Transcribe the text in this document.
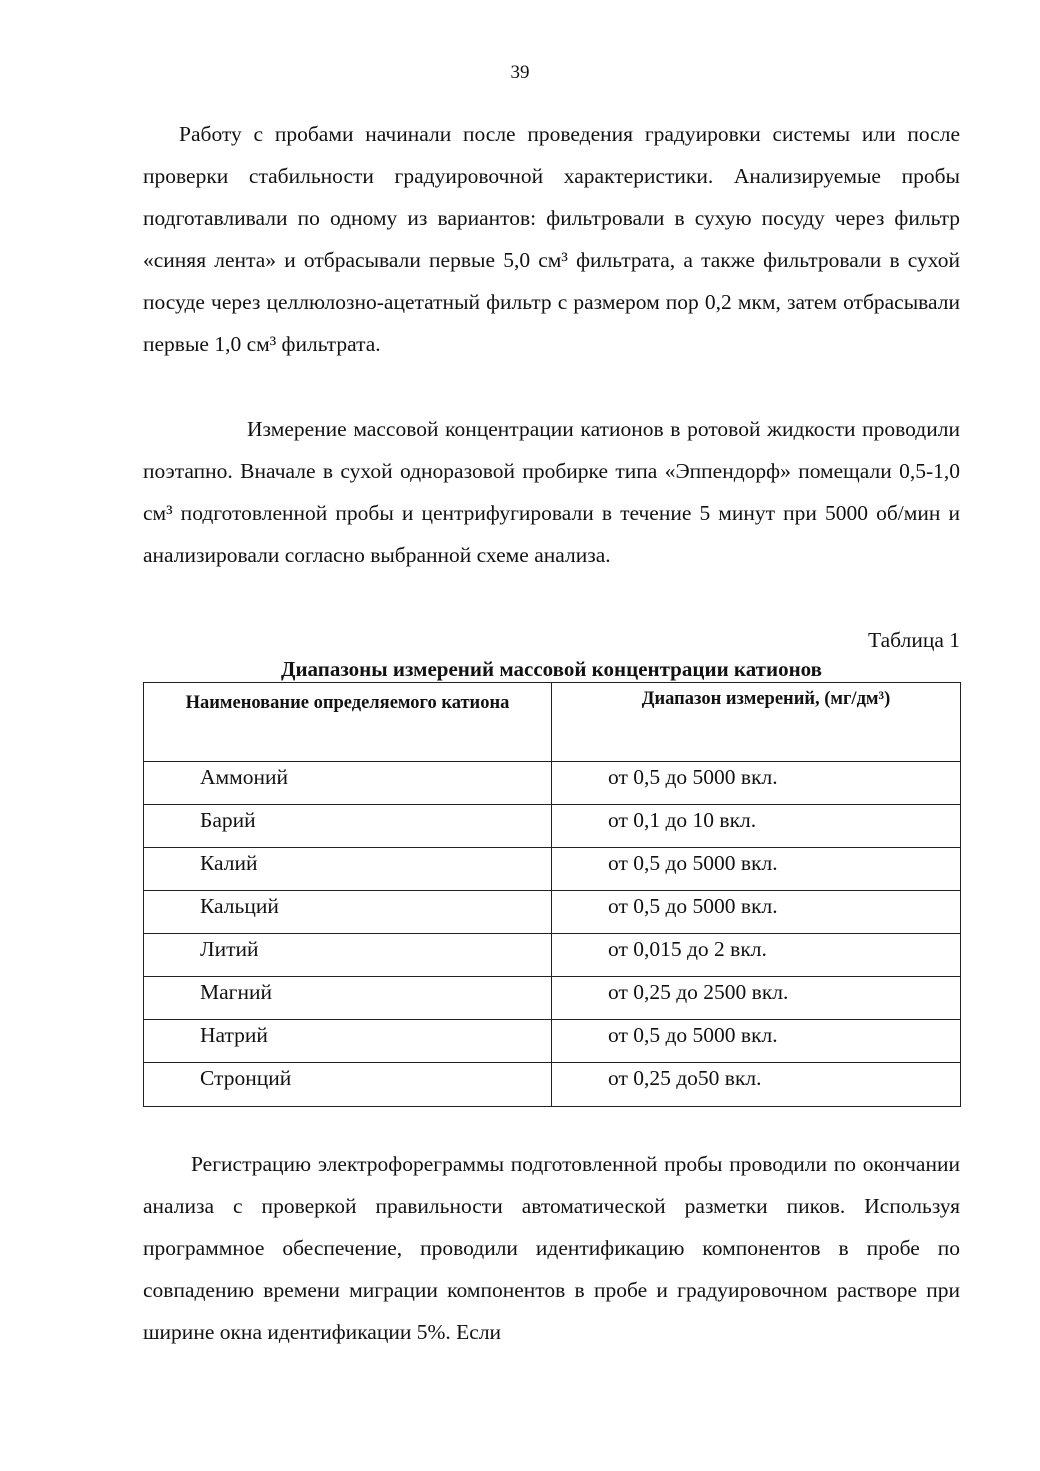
39

Работу с пробами начинали после проведения градуировки системы или после проверки стабильности градуировочной характеристики. Анализируемые пробы подготавливали по одному из вариантов: фильтровали в сухую посуду через фильтр «синяя лента» и отбрасывали первые 5,0 см³ фильтрата, а также фильтровали в сухой посуде через целлюлозно-ацетатный фильтр с размером пор 0,2 мкм, затем отбрасывали первые 1,0 см³ фильтрата.

Измерение массовой концентрации катионов в ротовой жидкости проводили поэтапно. Вначале в сухой одноразовой пробирке типа «Эппендорф» помещали 0,5-1,0 см³ подготовленной пробы и центрифугировали в течение 5 минут при 5000 об/мин и анализировали согласно выбранной схеме анализа.

Таблица 1
Диапазоны измерений массовой концентрации катионов
Наименование определяемого катиона	Диапазон измерений, (мг/дм³)

Аммоний	от 0,5 до 5000 вкл.
Барий	от 0,1 до 10 вкл.
Калий	от 0,5 до 5000 вкл.
Кальций	от 0,5 до 5000 вкл.
Литий	от 0,015 до 2 вкл.
Магний	от 0,25 до 2500 вкл.
Натрий	от 0,5 до 5000 вкл.
Стронций	от 0,25 до50 вкл.

Регистрацию электрофореграммы подготовленной пробы проводили по окончании анализа с проверкой правильности автоматической разметки пиков. Используя программное обеспечение, проводили идентификацию компонентов в пробе по совпадению времени миграции компонентов в пробе и градуировочном растворе при ширине окна идентификации 5%. Если
